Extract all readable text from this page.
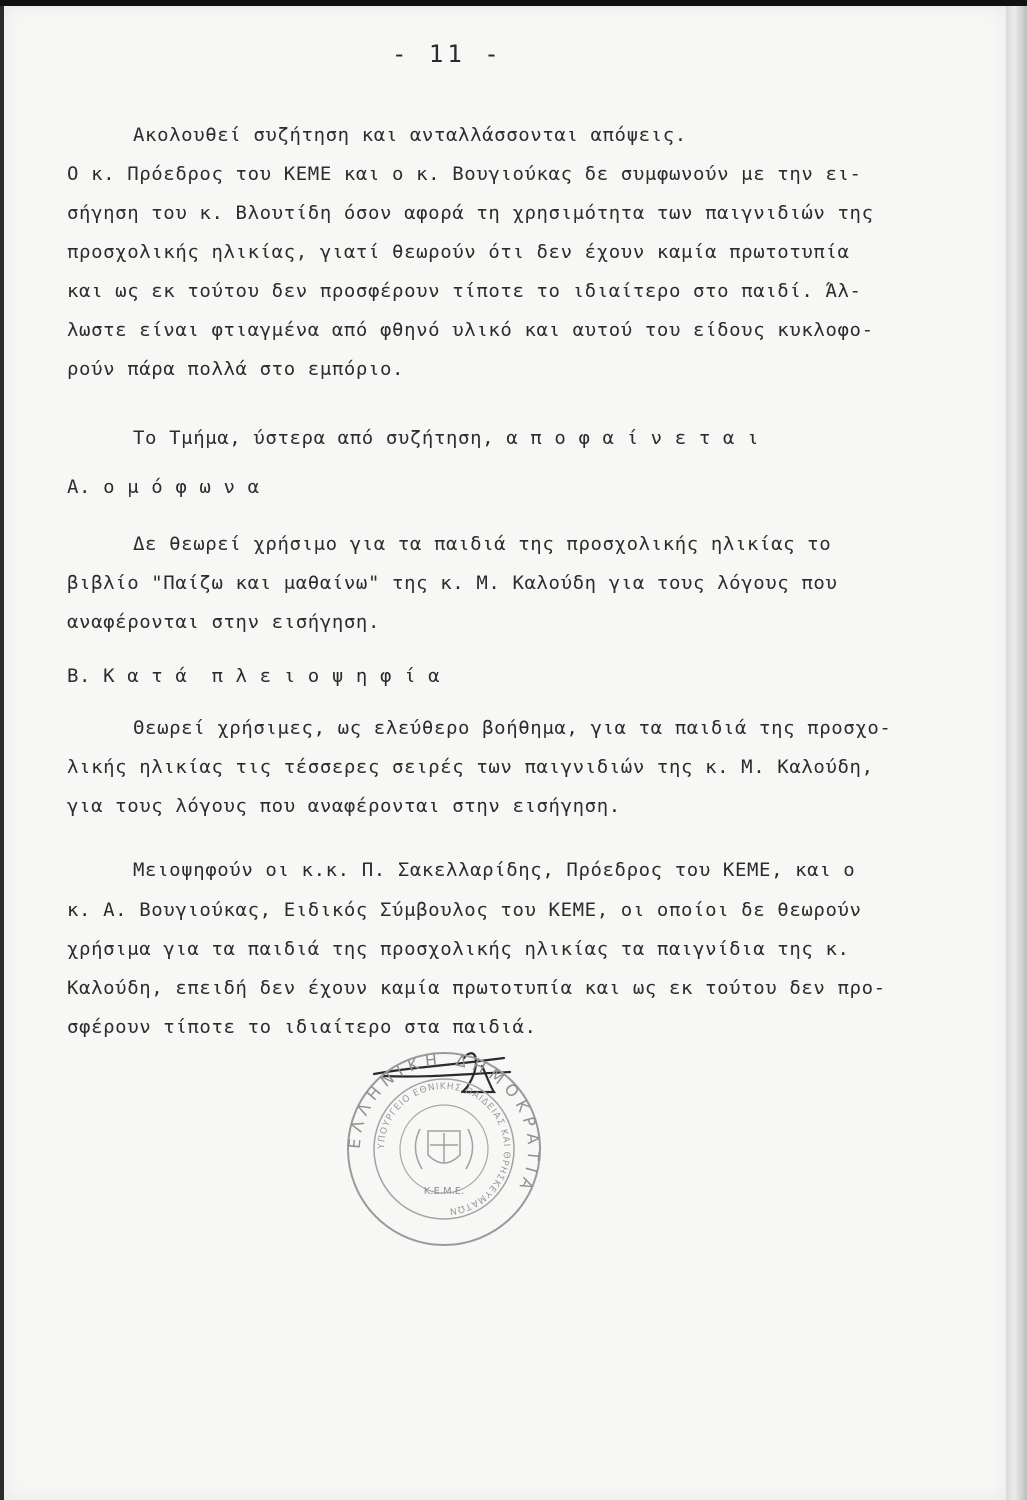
- 11 -
Ακολουθεί συζήτηση και ανταλλάσσονται απόψεις.
Ο κ. Πρόεδρος του ΚΕΜΕ και ο κ. Βουγιούκας δε συμφωνούν με την ει-
σήγηση του κ. Βλουτίδη όσον αφορά τη χρησιμότητα των παιγνιδιών της
προσχολικής ηλικίας, γιατί θεωρούν ότι δεν έχουν καμία πρωτοτυπία
και ως εκ τούτου δεν προσφέρουν τίποτε το ιδιαίτερο στο παιδί. Άλ-
λωστε είναι φτιαγμένα από φθηνό υλικό και αυτού του είδους κυκλοφο-
ρούν πάρα πολλά στο εμπόριο.
Το Τμήμα, ύστερα από συζήτηση, α π ο φ α ί ν ε τ α ι
Α. ο μ ό φ ω ν α
Δε θεωρεί χρήσιμο για τα παιδιά της προσχολικής ηλικίας το
βιβλίο "Παίζω και μαθαίνω" της κ. Μ. Καλούδη για τους λόγους που
αναφέρονται στην εισήγηση.
Β. Κ α τ ά  π λ ε ι ο ψ η φ ί α
Θεωρεί χρήσιμες, ως ελεύθερο βοήθημα, για τα παιδιά της προσχο-
λικής ηλικίας τις τέσσερες σειρές των παιγνιδιών της κ. Μ. Καλούδη,
για τους λόγους που αναφέρονται στην εισήγηση.
Μειοψηφούν οι κ.κ. Π. Σακελλαρίδης, Πρόεδρος του ΚΕΜΕ, και ο
κ. Α. Βουγιούκας, Ειδικός Σύμβουλος του ΚΕΜΕ, οι οποίοι δε θεωρούν
χρήσιμα για τα παιδιά της προσχολικής ηλικίας τα παιγνίδια της κ.
Καλούδη, επειδή δεν έχουν καμία πρωτοτυπία και ως εκ τούτου δεν προ-
σφέρουν τίποτε το ιδιαίτερο στα παιδιά.
ΕΛΛΗΝΙΚΗ ΔΗΜΟΚΡΑΤΙΑ
ΥΠΟΥΡΓΕΙΟ ΕΘΝΙΚΗΣ ΠΑΙΔΕΙΑΣ ΚΑΙ ΘΡΗΣΚΕΥΜΑΤΩΝ
Κ.Ε.Μ.Ε.
